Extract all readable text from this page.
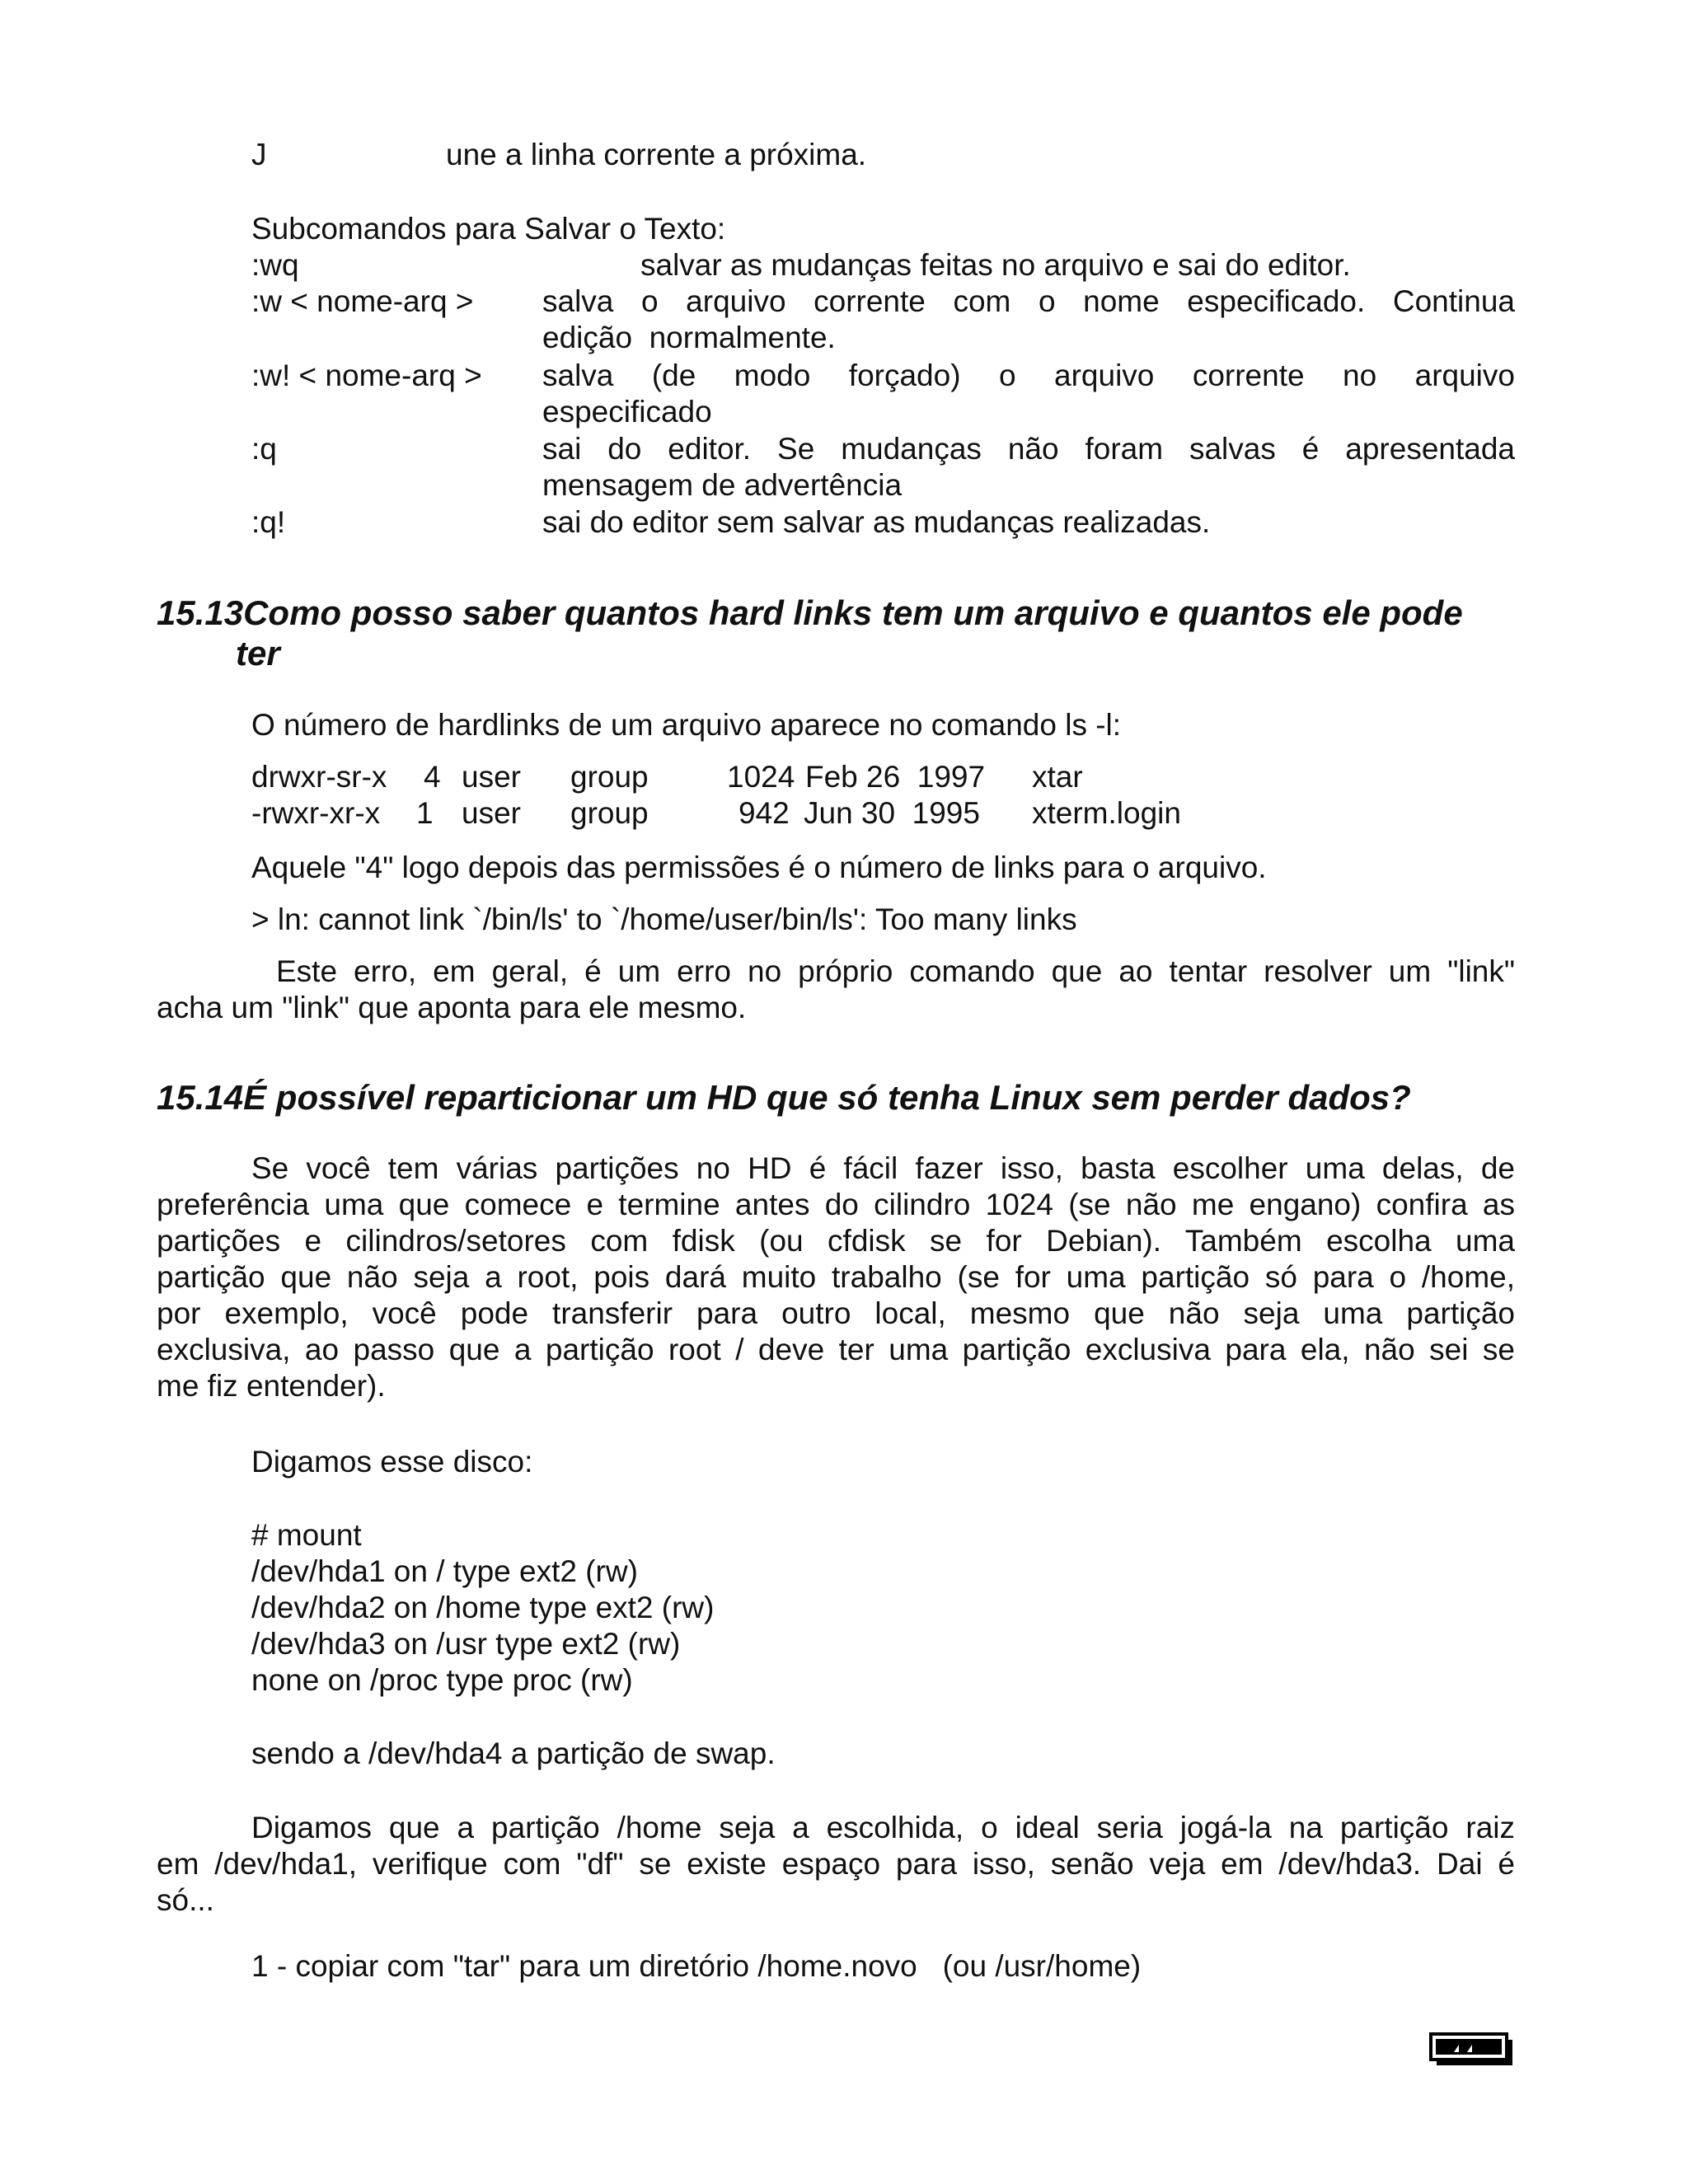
J	une a linha corrente a próxima.
Subcomandos para Salvar o Texto:
:wq	salvar as mudanças feitas no arquivo e sai do editor.
:w < nome-arq > salva o arquivo corrente com o nome especificado. Continua
edição  normalmente.
:w! < nome-arq > salva (de modo forçado) o arquivo corrente no arquivo
especificado
:q	sai do editor. Se mudanças não foram salvas é apresentada
mensagem de advertência
:q!	sai do editor sem salvar as mudanças realizadas.
15.13Como posso saber quantos hard links tem um arquivo e quantos ele pode
ter
O número de hardlinks de um arquivo aparece no comando ls -l:
drwxr-sr-x 4 user group	1024 Feb 26  1997 xtar
-rwxr-xr-x 1 user group	942 Jun 30  1995 xterm.login
Aquele "4" logo depois das permissões é o número de links para o arquivo.
> ln: cannot link `/bin/ls' to `/home/user/bin/ls': Too many links
Este erro, em geral, é um erro no próprio comando que ao tentar resolver um "link"
acha um "link" que aponta para ele mesmo.
15.14É possível reparticionar um HD que só tenha Linux sem perder dados?
Se você tem várias partições no HD é fácil fazer isso, basta escolher uma delas, de
preferência uma que comece e termine antes do cilindro 1024 (se não me engano) confira as
partições e cilindros/setores com fdisk (ou cfdisk se for Debian). Também escolha uma
partição que não seja a root, pois dará muito trabalho (se for uma partição só para o /home,
por exemplo, você pode transferir para outro local, mesmo que não seja uma partição
exclusiva, ao passo que a partição root / deve ter uma partição exclusiva para ela, não sei se
me fiz entender).
Digamos esse disco:
# mount
/dev/hda1 on / type ext2 (rw)
/dev/hda2 on /home type ext2 (rw)
/dev/hda3 on /usr type ext2 (rw)
none on /proc type proc (rw)
sendo a /dev/hda4 a partição de swap.
Digamos que a partição /home seja a escolhida, o ideal seria jogá-la na partição raiz
em /dev/hda1, verifique com "df" se existe espaço para isso, senão veja em /dev/hda3. Dai é
só...
1 - copiar com "tar" para um diretório /home.novo   (ou /usr/home)
